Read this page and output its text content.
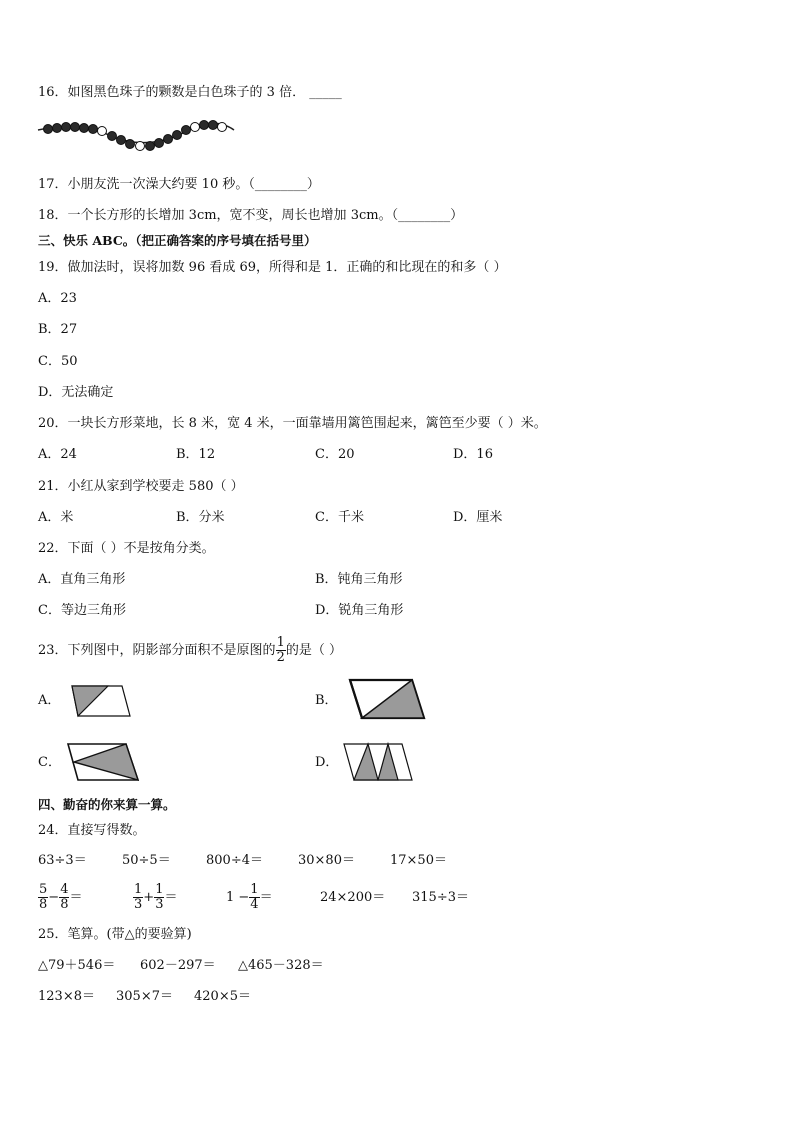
16．如图黑色珠子的颗数是白色珠子的 3 倍． _____
17．小朋友洗一次澡大约要 10 秒。（________）
18．一个长方形的长增加 3cm，宽不变，周长也增加 3cm。（________）
三、快乐 ABC。（把正确答案的序号填在括号里）
19．做加法时，误将加数 96 看成 69，所得和是 1．正确的和比现在的和多（ ）
A．23
B．27
C．50
D．无法确定
20．一块长方形菜地，长 8 米，宽 4 米，一面靠墙用篱笆围起来，篱笆至少要（ ）米。
A．24	B．12	C．20	D．16
21．小红从家到学校要走 580（ ）
A．米	B．分米	C．千米	D．厘米
22．下面（ ）不是按角分类。
A．直角三角形	B．钝角三角形
C．等边三角形	D．锐角三角形
23．下列图中，阴影部分面积不是原图的 $\frac{1}{2}$ 的是（ ）
A．	B．
C．	D．
四、勤奋的你来算一算。
24．直接写得数。
63÷3＝	50÷5＝	800÷4＝	30×80＝	17×50＝
$\frac{5}{8} - \frac{4}{8}$ ＝	$\frac{1}{3} + \frac{1}{3}$ ＝	$1 - \frac{1}{4}$ ＝	24×200＝ 315÷3＝
25．笔算。(带△的要验算)
△79＋546＝ 602－297＝ △465－328＝
123×8＝ 305×7＝ 420×5＝
